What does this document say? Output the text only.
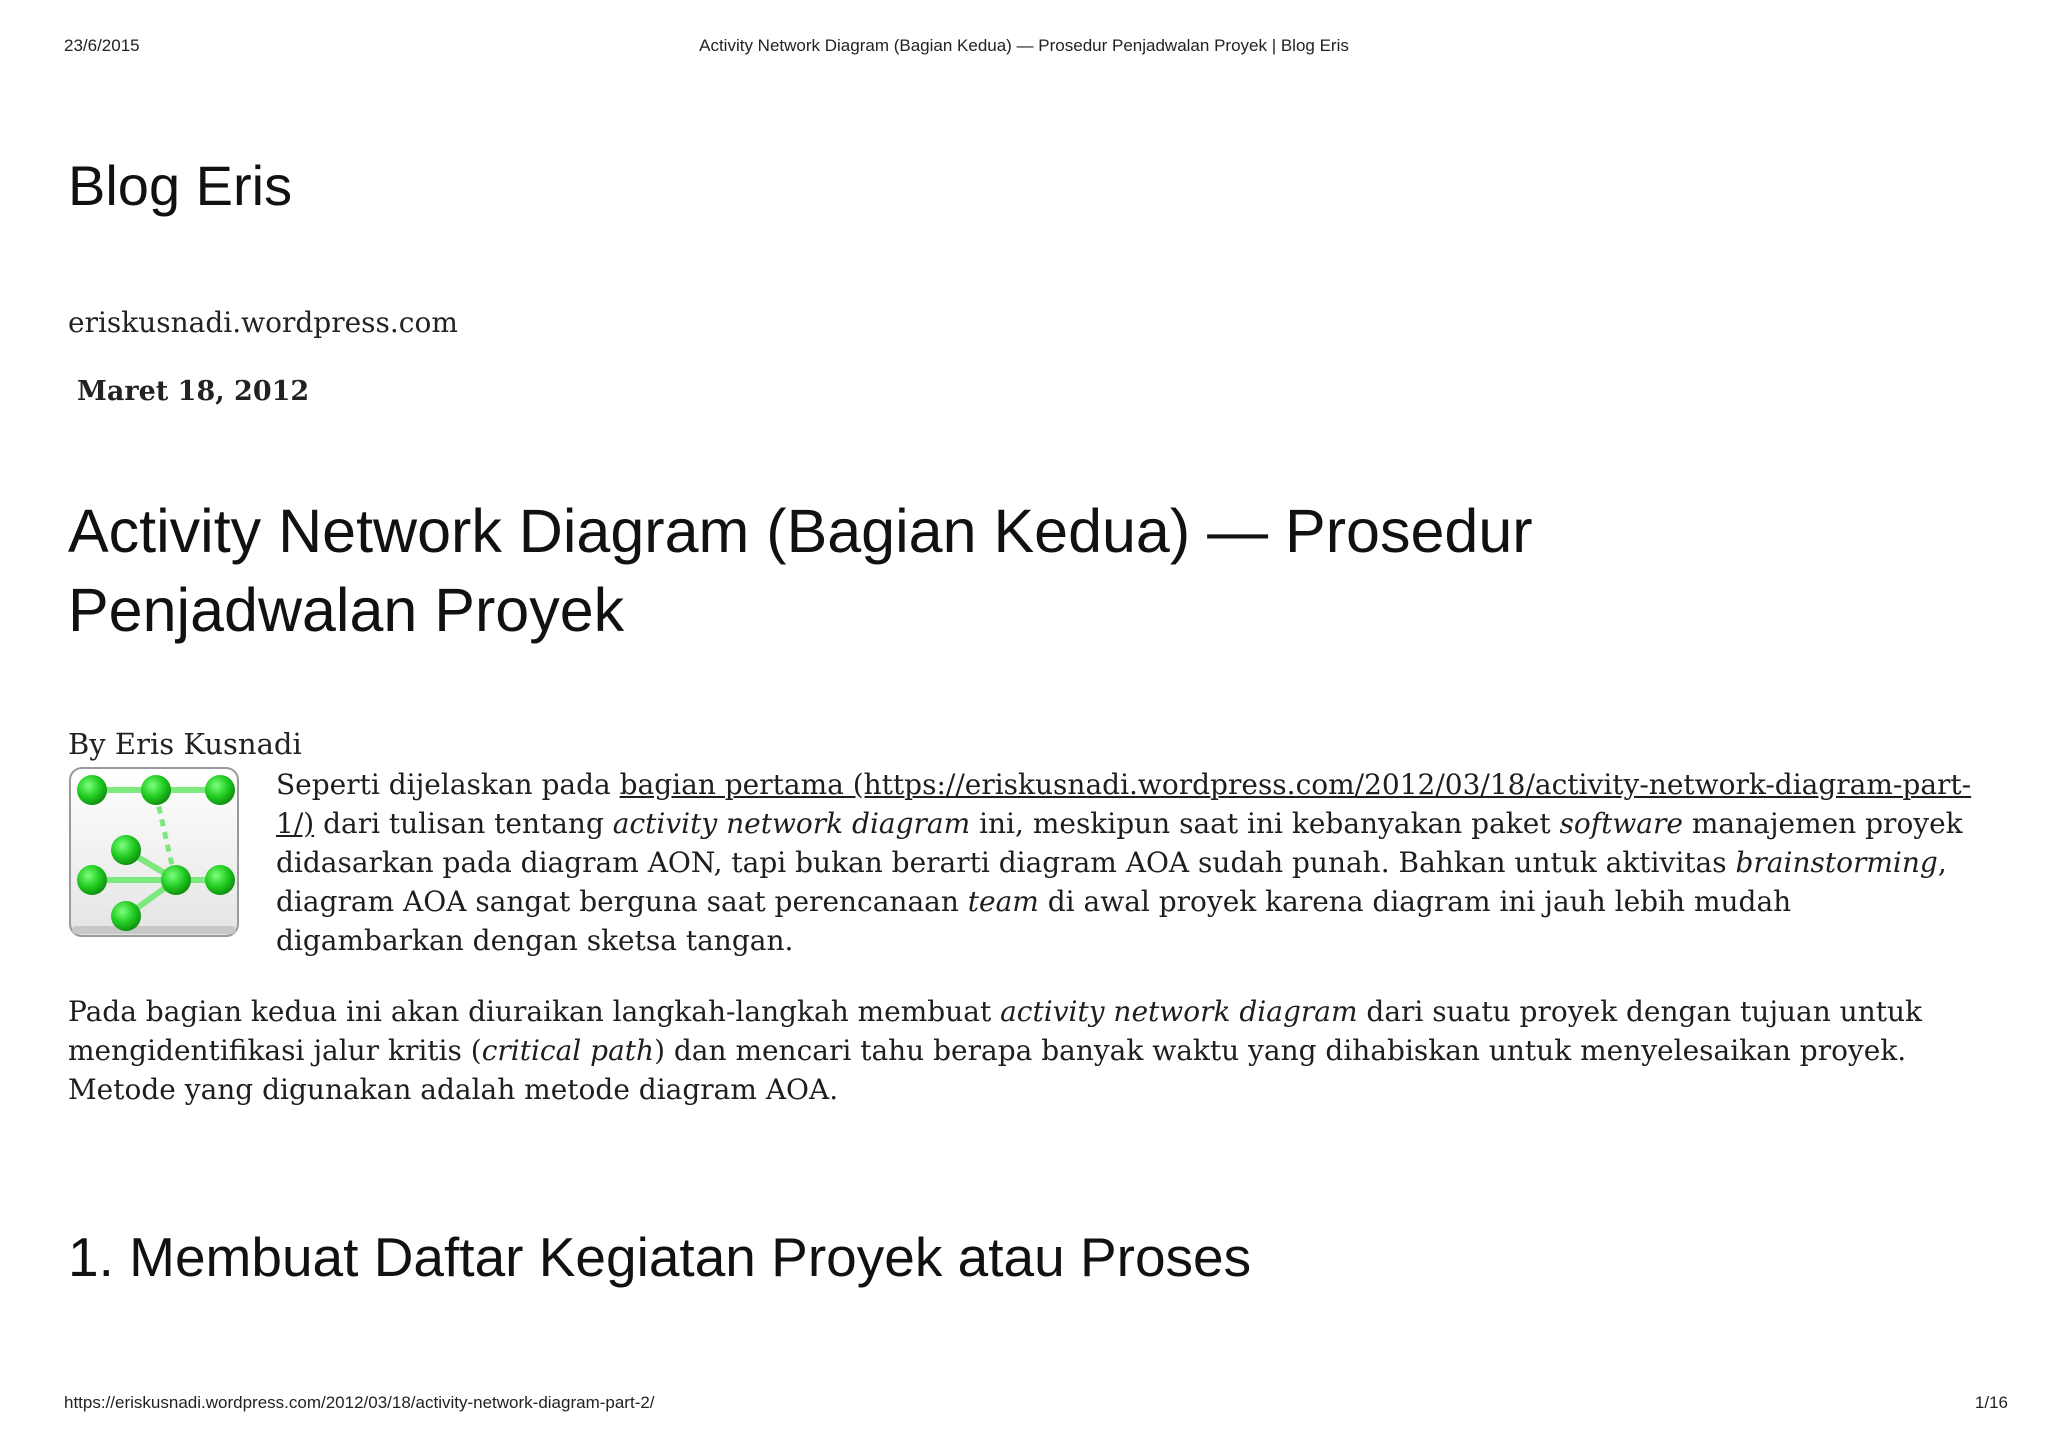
23/6/2015	Activity Network Diagram (Bagian Kedua) — Prosedur Penjadwalan Proyek | Blog Eris
Blog Eris
eriskusnadi.wordpress.com
Maret 18, 2012
Activity Network Diagram (Bagian Kedua) — Prosedur Penjadwalan Proyek
By Eris Kusnadi

Seperti dijelaskan pada bagian pertama (https://eriskusnadi.wordpress.com/2012/03/18/activity-network-diagram-part-1/) dari tulisan tentang activity network diagram ini, meskipun saat ini kebanyakan paket software manajemen proyek didasarkan pada diagram AON, tapi bukan berarti diagram AOA sudah punah. Bahkan untuk aktivitas brainstorming, diagram AOA sangat berguna saat perencanaan team di awal proyek karena diagram ini jauh lebih mudah digambarkan dengan sketsa tangan.

Pada bagian kedua ini akan diuraikan langkah-langkah membuat activity network diagram dari suatu proyek dengan tujuan untuk mengidentifikasi jalur kritis (critical path) dan mencari tahu berapa banyak waktu yang dihabiskan untuk menyelesaikan proyek. Metode yang digunakan adalah metode diagram AOA.

1. Membuat Daftar Kegiatan Proyek atau Proses
https://eriskusnadi.wordpress.com/2012/03/18/activity-network-diagram-part-2/	1/16
